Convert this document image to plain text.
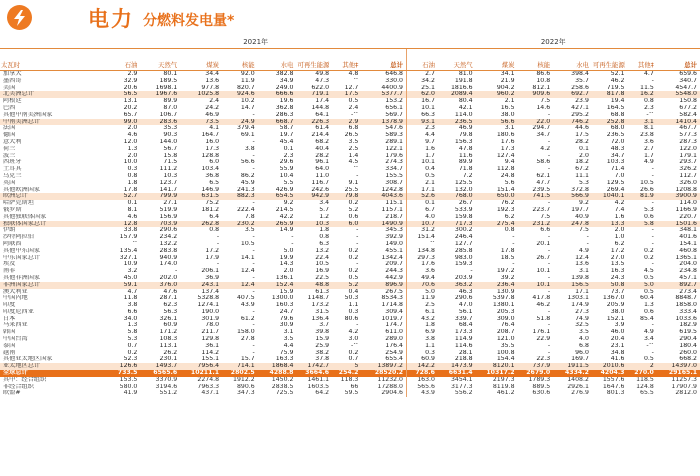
电力 分燃料发电量*
	2021年								2022年							
太瓦时	石油	天然气	煤炭	核能	水电	可再生能源	其他‡	总计	石油	天然气	煤炭	核能	水电	可再生能源	其他‡	总计
加拿大	2.9	80.1	34.4	92.0	382.8	49.8	4.8	646.8	2.7	81.0	34.1	86.6	398.4	52.1	4.7	659.6
墨西哥	32.9	189.5	13.6	11.9	34.9	47.3	^	330.0	34.2	191.8	21.9	10.8	35.7	46.2	-	340.7
美国	20.6	1698.1	977.8	820.7	249.0	622.0	12.7	4400.9	25.1	1816.6	904.2	812.1	258.6	719.5	11.5	4547.7
北美洲总计	56.5	1967.6	1025.8	924.6	666.6	719.1	17.5	5377.7	62.0	2089.4	960.2	909.6	692.7	817.8	16.2	5548.0
阿根廷	13.1	89.9	2.4	10.2	19.6	17.4	0.5	153.2	16.7	80.4	2.1	7.5	23.9	19.4	0.8	150.8
巴西	20.2	87.0	24.2	14.7	362.8	144.8	2.4	656.1	10.1	42.1	16.5	14.6	427.1	164.5	2.3	677.2
其他中南美洲国家	65.7	106.7	46.9	-	286.3	64.1	-^	569.7	66.3	114.0	38.0	-	295.2	68.8	-^	582.4
中南美洲总计	99.0	283.6	73.5	24.9	668.7	226.3	2.9	1378.9	93.1	236.5	56.6	22.0	746.2	252.8	3.1	1410.4
法国	2.0	35.3	4.1	379.4	58.7	61.4	6.8	547.6	2.3	46.9	3.1	294.7	44.6	68.0	8.1	467.7
德国	4.6	90.3	164.7	69.1	19.7	214.4	26.5	589.3	4.4	79.8	180.6	34.7	17.5	236.5	23.8	577.3
意大利	12.0	144.0	16.0	-	45.4	68.2	3.5	289.1	9.7	156.3	17.6	-	28.2	72.0	3.6	287.3
荷兰	1.3	56.7	17.3	3.8	0.1	40.4	2.5	122.1	1.6	47.8	17.3	4.2	0.1	48.3	2.7	122.0
波兰	2.0	15.8	128.8	-	2.3	28.2	1.4	179.6	1.7	11.6	127.4	-	2.0	34.7	1.7	179.1
西班牙	10.0	71.5	6.0	56.6	29.6	96.1	4.5	274.3	10.1	89.9	9.4	58.6	18.2	103.3	4.9	293.7
土耳其	0.3	111.2	103.4	-	55.9	64.0	^	334.7	0.4	71.8	112.8	-	67.2	71.4	-	326.2
乌克兰	0.8	10.3	36.8	86.2	10.4	11.0	-	155.5	0.5	7.2	24.8	62.1	11.1	7.0	-	112.7
英国	1.8	123.7	6.5	45.9	5.5	116.7	9.1	308.7	2.1	125.5	5.6	47.7	5.3	129.5	10.5	326.0
其他欧洲国家	17.8	141.7	146.9	241.3	426.9	242.6	25.5	1242.8	17.1	132.0	151.4	239.5	372.8	269.4	26.6	1208.8
欧洲总计	52.7	799.9	631.5	882.3	654.5	942.9	79.8	4043.6	52.6	768.0	650.0	741.5	566.9	1040.1	81.9	3900.9
哈萨克斯坦	0.1	27.1	75.2	-	9.2	3.4	0.2	115.1	0.1	26.7	76.2	-	9.2	4.2	-	114.0
俄罗斯	8.1	519.9	181.2	222.4	214.5	5.7	5.2	1157.1	6.7	533.9	192.3	223.7	197.7	7.4	5.3	1166.9
其他独联体国家	4.6	156.9	6.4	7.8	42.2	1.2	0.6	218.7	4.0	159.8	6.2	7.5	40.9	1.6	0.6	220.7
独联体国家总计	12.8	703.9	262.8	230.2	265.9	10.3	6.0	1490.9	10.7	717.3	275.4	231.2	247.8	13.3	5.8	1501.6
伊朗	33.8	290.6	0.8	3.5	14.9	1.8	-	345.3	31.2	300.2	0.8	6.6	7.5	2.0	-	348.1
沙特阿拉伯	157.9	234.2	-	-	-	0.8	-	392.9	151.4	246.4	-	-	-	1.0	-	401.6
阿联酋	^	132.2	-	10.5	-	6.3	-	149.0	^	127.7	-	20.1	-	6.2	-	154.1
其他中东国家	135.4	283.8	17.2	-	5.0	13.2	0.2	455.1	134.8	285.8	17.8	-	4.9	17.2	0.2	460.8
中东国家总计	327.1	940.9	17.9	14.1	19.9	22.4	0.2	1342.4	297.3	983.0	18.5	26.7	12.4	27.0	0.2	1365.1
埃及	10.9	174.0	-	-	14.3	10.5	-	209.7	17.6	159.3	-	-	13.6	13.5	-	204.0
南非	3.2	-	206.1	12.4	2.0	16.9	0.2	244.3	3.6	-	197.2	10.1	3.1	16.3	4.5	234.8
其他非洲国家	45.0	202.0	36.9	-	136.1	22.5	0.5	442.9	49.4	203.9	39.2	-	139.8	24.3	0.5	457.1
非洲国家总计	59.1	376.0	243.1	12.4	152.4	48.8	5.2	896.9	70.6	363.2	236.4	10.1	156.5	50.8	5.0	892.7
澳大利亚	4.7	47.6	137.4	-	15.9	61.3	0.4	267.5	5.0	46.3	130.9	-	17.1	73.7	0.5	273.4
中国内地	11.8	287.1	5328.8	407.5	1300.0	1148.7	50.3	8534.3	11.9	290.6	5397.8	417.8	1303.1	1367.0	60.4	8848.7
印度	3.8	62.3	1274.1	43.9	160.3	173.2	1.1	1714.8	2.5	47.0	1380.1	46.2	174.9	205.9	1.3	1858.0
印度尼西亚	6.6	56.3	190.0	-	24.7	31.5	0.3	309.4	6.1	56.1	205.3	-	27.3	38.0	0.6	333.4
日本	34.0	326.1	301.9	61.2	79.6	136.4	80.6	1019.7	43.2	339.7	309.0	51.8	74.9	152.1	85.4	1033.6
马来西亚	1.3	60.9	78.0	-	30.9	3.7	-	174.7	1.8	68.4	76.4	-	32.5	3.9	-	182.9
韩国	5.8	171.2	211.7	158.0	3.1	39.8	4.2	611.0	6.9	173.3	208.7	176.1	3.5	46.0	4.9	619.5
中国台湾	5.3	108.3	129.8	27.8	3.5	15.9	3.0	289.0	3.8	114.9	121.0	22.9	4.0	20.4	3.4	290.4
泰国	0.7	113.1	36.1	-	4.4	25.9	-^	176.4	1.1	114.6	35.5	-	6.8	23.1	-^	180.4
越南	0.2	26.2	114.2	-	75.9	38.2	0.2	254.9	0.3	28.1	100.8	-	96.0	34.8	-	260.0
其他亚太地区国家	52.3	230.1	155.1	15.7	163.3	37.8	0.7	655.4	60.9	218.8	154.4	22.3	169.7	41.6	0.5	668.2
亚太地区总计	126.6	1493.7	7956.4	714.1	1868.4	1742.7	5	13897.2	142.2	1473.9	8120.1	737.9	1911.5	2010.6	2	14397.0
全球总计	733.5	6565.6	10211.1	2802.5	4288.8	3664.6	254.2	28520.2	728.6	6631.4	10317.2	2679.0	4334.2	4204.3	270.0	29165.1
其中：经合组织	153.5	3370.9	2274.8	1912.2	1450.2	1461.1	118.3	11232.0	163.0	3454.1	2197.3	1789.3	1408.2	1557.6	118.5	11257.3
非经合组织	580.0	3194.6	7963.3	890.6	2838.5	1603.5	66	17288.0	565.6	3177.3	8119.8	889.5	2926.1	1647.6	124.8	17907.9
欧盟#	41.9	551.2	437.1	347.3	725.5	64.2	59.5	2904.6	43.9	556.2	461.2	630.6	276.9	801.3	65.5	2812.0
